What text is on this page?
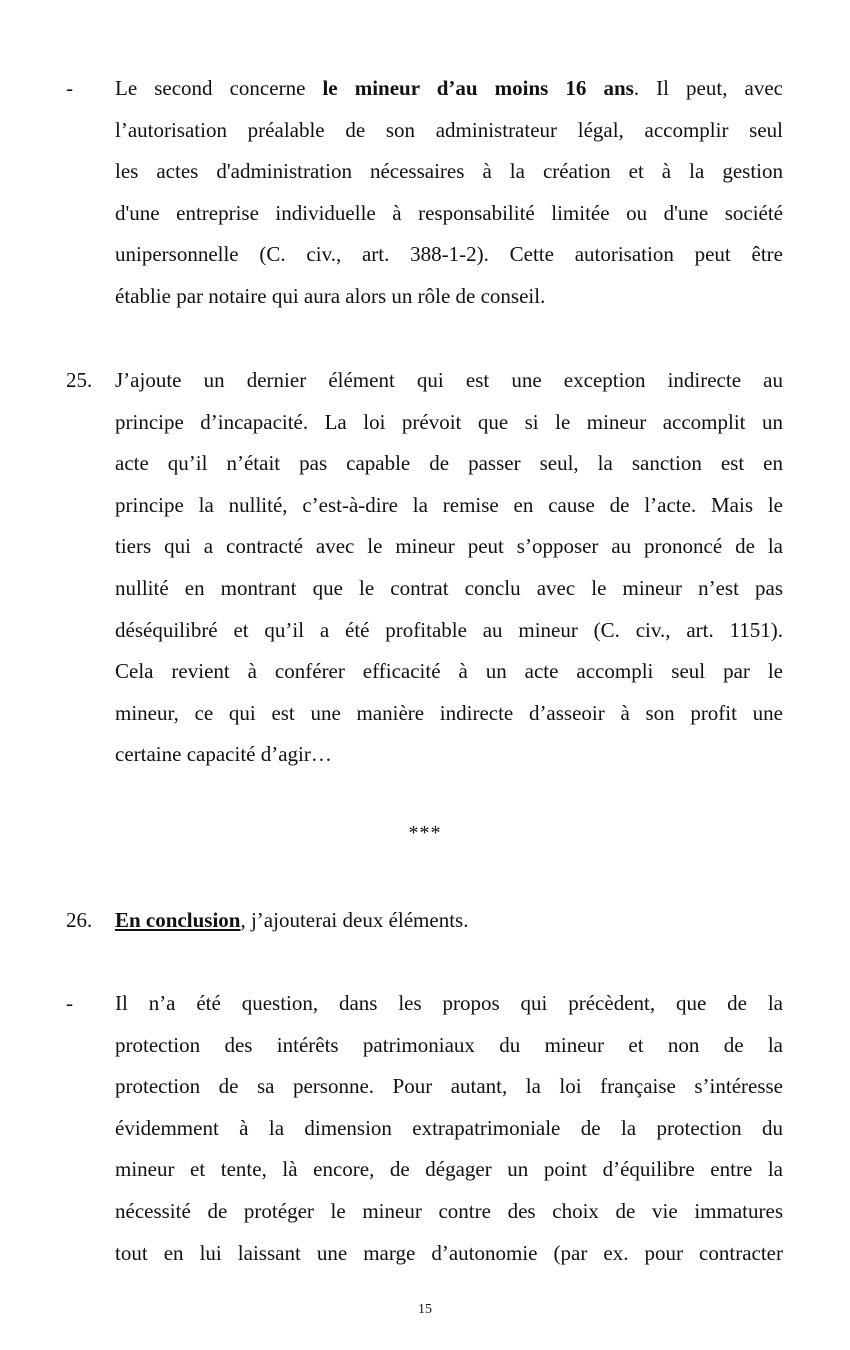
- Le second concerne le mineur d’au moins 16 ans. Il peut, avec
l’autorisation préalable de son administrateur légal, accomplir seul
les actes d'administration nécessaires à la création et à la gestion
d'une entreprise individuelle à responsabilité limitée ou d'une société
unipersonnelle (C. civ., art. 388-1-2). Cette autorisation peut être
établie par notaire qui aura alors un rôle de conseil.
25. J’ajoute un dernier élément qui est une exception indirecte au
principe d’incapacité. La loi prévoit que si le mineur accomplit un
acte qu’il n’était pas capable de passer seul, la sanction est en
principe la nullité, c’est-à-dire la remise en cause de l’acte. Mais le
tiers qui a contracté avec le mineur peut s’opposer au prononcé de la
nullité en montrant que le contrat conclu avec le mineur n’est pas
déséquilibré et qu’il a été profitable au mineur (C. civ., art. 1151).
Cela revient à conférer efficacité à un acte accompli seul par le
mineur, ce qui est une manière indirecte d’asseoir à son profit une
certaine capacité d’agir…
***
26. En conclusion, j’ajouterai deux éléments.
- Il n’a été question, dans les propos qui précèdent, que de la
protection des intérêts patrimoniaux du mineur et non de la
protection de sa personne. Pour autant, la loi française s’intéresse
évidemment à la dimension extrapatrimoniale de la protection du
mineur et tente, là encore, de dégager un point d’équilibre entre la
nécessité de protéger le mineur contre des choix de vie immatures
tout en lui laissant une marge d’autonomie (par ex. pour contracter
15
